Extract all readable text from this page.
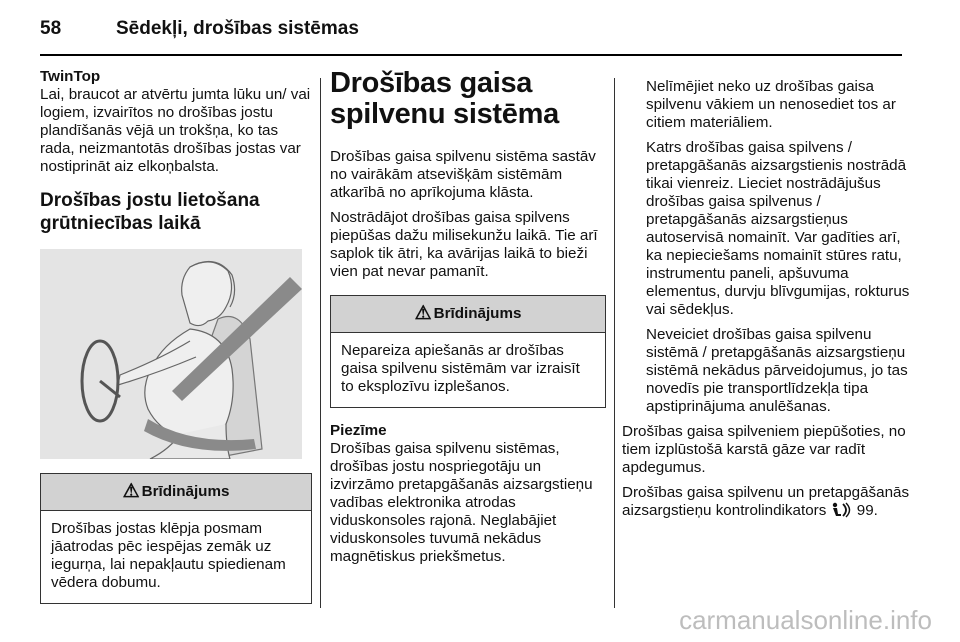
58	Sēdekļi, drošības sistēmas

TwinTop

Lai, braucot ar atvērtu jumta lūku un/ vai logiem, izvairītos no drošības jostu plandīšanās vējā un trokšņa, ko tas rada, neizmantotās drošības jostas var nostiprināt aiz elkoņbalsta.

Drošības jostu lietošana grūtniecības laikā

⚠ Brīdinājums
Drošības jostas klēpja posmam jāatrodas pēc iespējas zemāk uz iegurņa, lai nepakļautu spiedienam vēdera dobumu.

Drošības gaisa spilvenu sistēma

Drošības gaisa spilvenu sistēma sastāv no vairākām atsevišķām sistēmām atkarībā no aprīkojuma klāsta.

Nostrādājot drošības gaisa spilvens piepūšas dažu milisekunžu laikā. Tie arī saplok tik ātri, ka avārijas laikā to bieži vien pat nevar pamanīt.

⚠ Brīdinājums
Nepareiza apiešanās ar drošības gaisa spilvenu sistēmām var izraisīt to eksplozīvu izplešanos.

Piezīme

Drošības gaisa spilvenu sistēmas, drošības jostu nospriegotāju un izvirzāmo pretapgāšanās aizsargstieņu vadības elektronika atrodas viduskonsoles rajonā. Neglabājiet viduskonsoles tuvumā nekādus magnētiskus priekšmetus.

Nelīmējiet neko uz drošības gaisa spilvenu vākiem un nenosediet tos ar citiem materiāliem.
Katrs drošības gaisa spilvens / pretapgāšanās aizsargstienis nostrādā tikai vienreiz. Lieciet nostrādājušus drošības gaisa spilvenus / pretapgāšanās aizsargstieņus autoservisā nomainīt. Var gadīties arī, ka nepieciešams nomainīt stūres ratu, instrumentu paneli, apšuvuma elementus, durvju blīvgumijas, rokturus vai sēdekļus.
Neveiciet drošības gaisa spilvenu sistēmā / pretapgāšanās aizsargstieņu sistēmā nekādus pārveidojumus, jo tas novedīs pie transportlīdzekļa tipa apstiprinājuma anulēšanas.

Drošības gaisa spilveniem piepūšoties, no tiem izplūstošā karstā gāze var radīt apdegumus.

Drošības gaisa spilvenu un pretapgāšanās aizsargstieņu kontrolindikators 99.

carmanualsonline.info
